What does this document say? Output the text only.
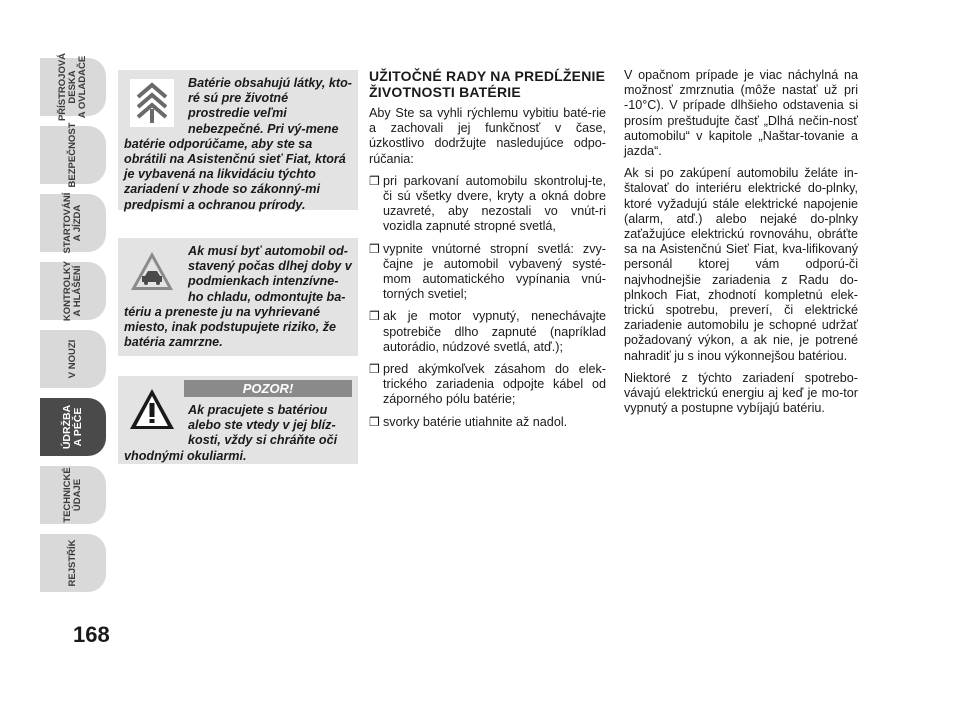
PŘÍSTROJOVÁ
DESKA
A OVLADAČE
BEZPEČNOST
STARTOVÁNÍ
A JÍZDA
KONTROLKY
A HLÁŠENÍ
V NOUZI
ÚDRŽBA
A PÉČE
TECHNICKÉ
ÚDAJE
REJSTŘÍK
168

Batérie obsahujú látky, kto-ré sú pre životné prostredie veľmi nebezpečné. Pri vý-mene batérie odporúčame, aby ste sa obrátili na Asistenčnú sieť Fiat, ktorá je vybavená na likvidáciu týchto zariadení v zhode so zákonný-mi predpismi a ochranou prírody.

Ak musí byť automobil od-stavený počas dlhej doby v podmienkach intenzívne-ho chladu, odmontujte ba-tériu a preneste ju na vyhrievané miesto, inak podstupujete riziko, že batéria zamrzne.

POZOR!

Ak pracujete s batériou alebo ste vtedy v jej blíz-kosti, vždy si chráňte oči vhodnými okuliarmi.

UŽITOČNÉ RADY NA PREDĹŽENIE ŽIVOTNOSTI BATÉRIE

Aby Ste sa vyhli rýchlemu vybitiu baté-rie a zachovali jej funkčnosť v čase, úzkostlivo dodržujte nasledujúce odpo-rúčania:

❒ pri parkovaní automobilu skontroluj-te, či sú všetky dvere, kryty a okná dobre uzavreté, aby nezostali vo vnút-ri vozidla zapnuté stropné svetlá,
❒ vypnite vnútorné stropní svetlá: zvy-čajne je automobil vybavený systé-mom automatického vypínania vnú-torných svetiel;
❒ ak je motor vypnutý, nenechávajte spotrebiče dlho zapnuté (napríklad autorádio, núdzové svetlá, atď.);
❒ pred akýmkoľvek zásahom do elek-trického zariadenia odpojte kábel od záporného pólu batérie;
❒ svorky batérie utiahnite až nadol.

V opačnom prípade je viac náchylná na možnosť zmrznutia (môže nastať už pri -10°C). V prípade dlhšieho odstavenia si prosím preštudujte časť „Dlhá nečin-nosť automobilu“ v kapitole „Naštar-tovanie a jazda“.

Ak si po zakúpení automobilu želáte in-štalovať do interiéru elektrické do-plnky, ktoré vyžadujú stále elektrické napojenie (alarm, atď.) alebo nejaké do-plnky zaťažujúce elektrickú rovnováhu, obráťte sa na Asistenčnú Sieť Fiat, kva-lifikovaný personál ktorej vám odporú-či najvhodnejšie zariadenia z Radu do-plnkoch Fiat, zhodnotí kompletnú elek-trickú spotrebu, preverí, či elektrické zariadenie automobilu je schopné udržať požadovaný výkon, a ak nie, je potrené nahradiť ju s inou výkonnejšou batériou.

Niektoré z týchto zariadení spotrebo-vávajú elektrickú energiu aj keď je mo-tor vypnutý a postupne vybíjajú batériu.
